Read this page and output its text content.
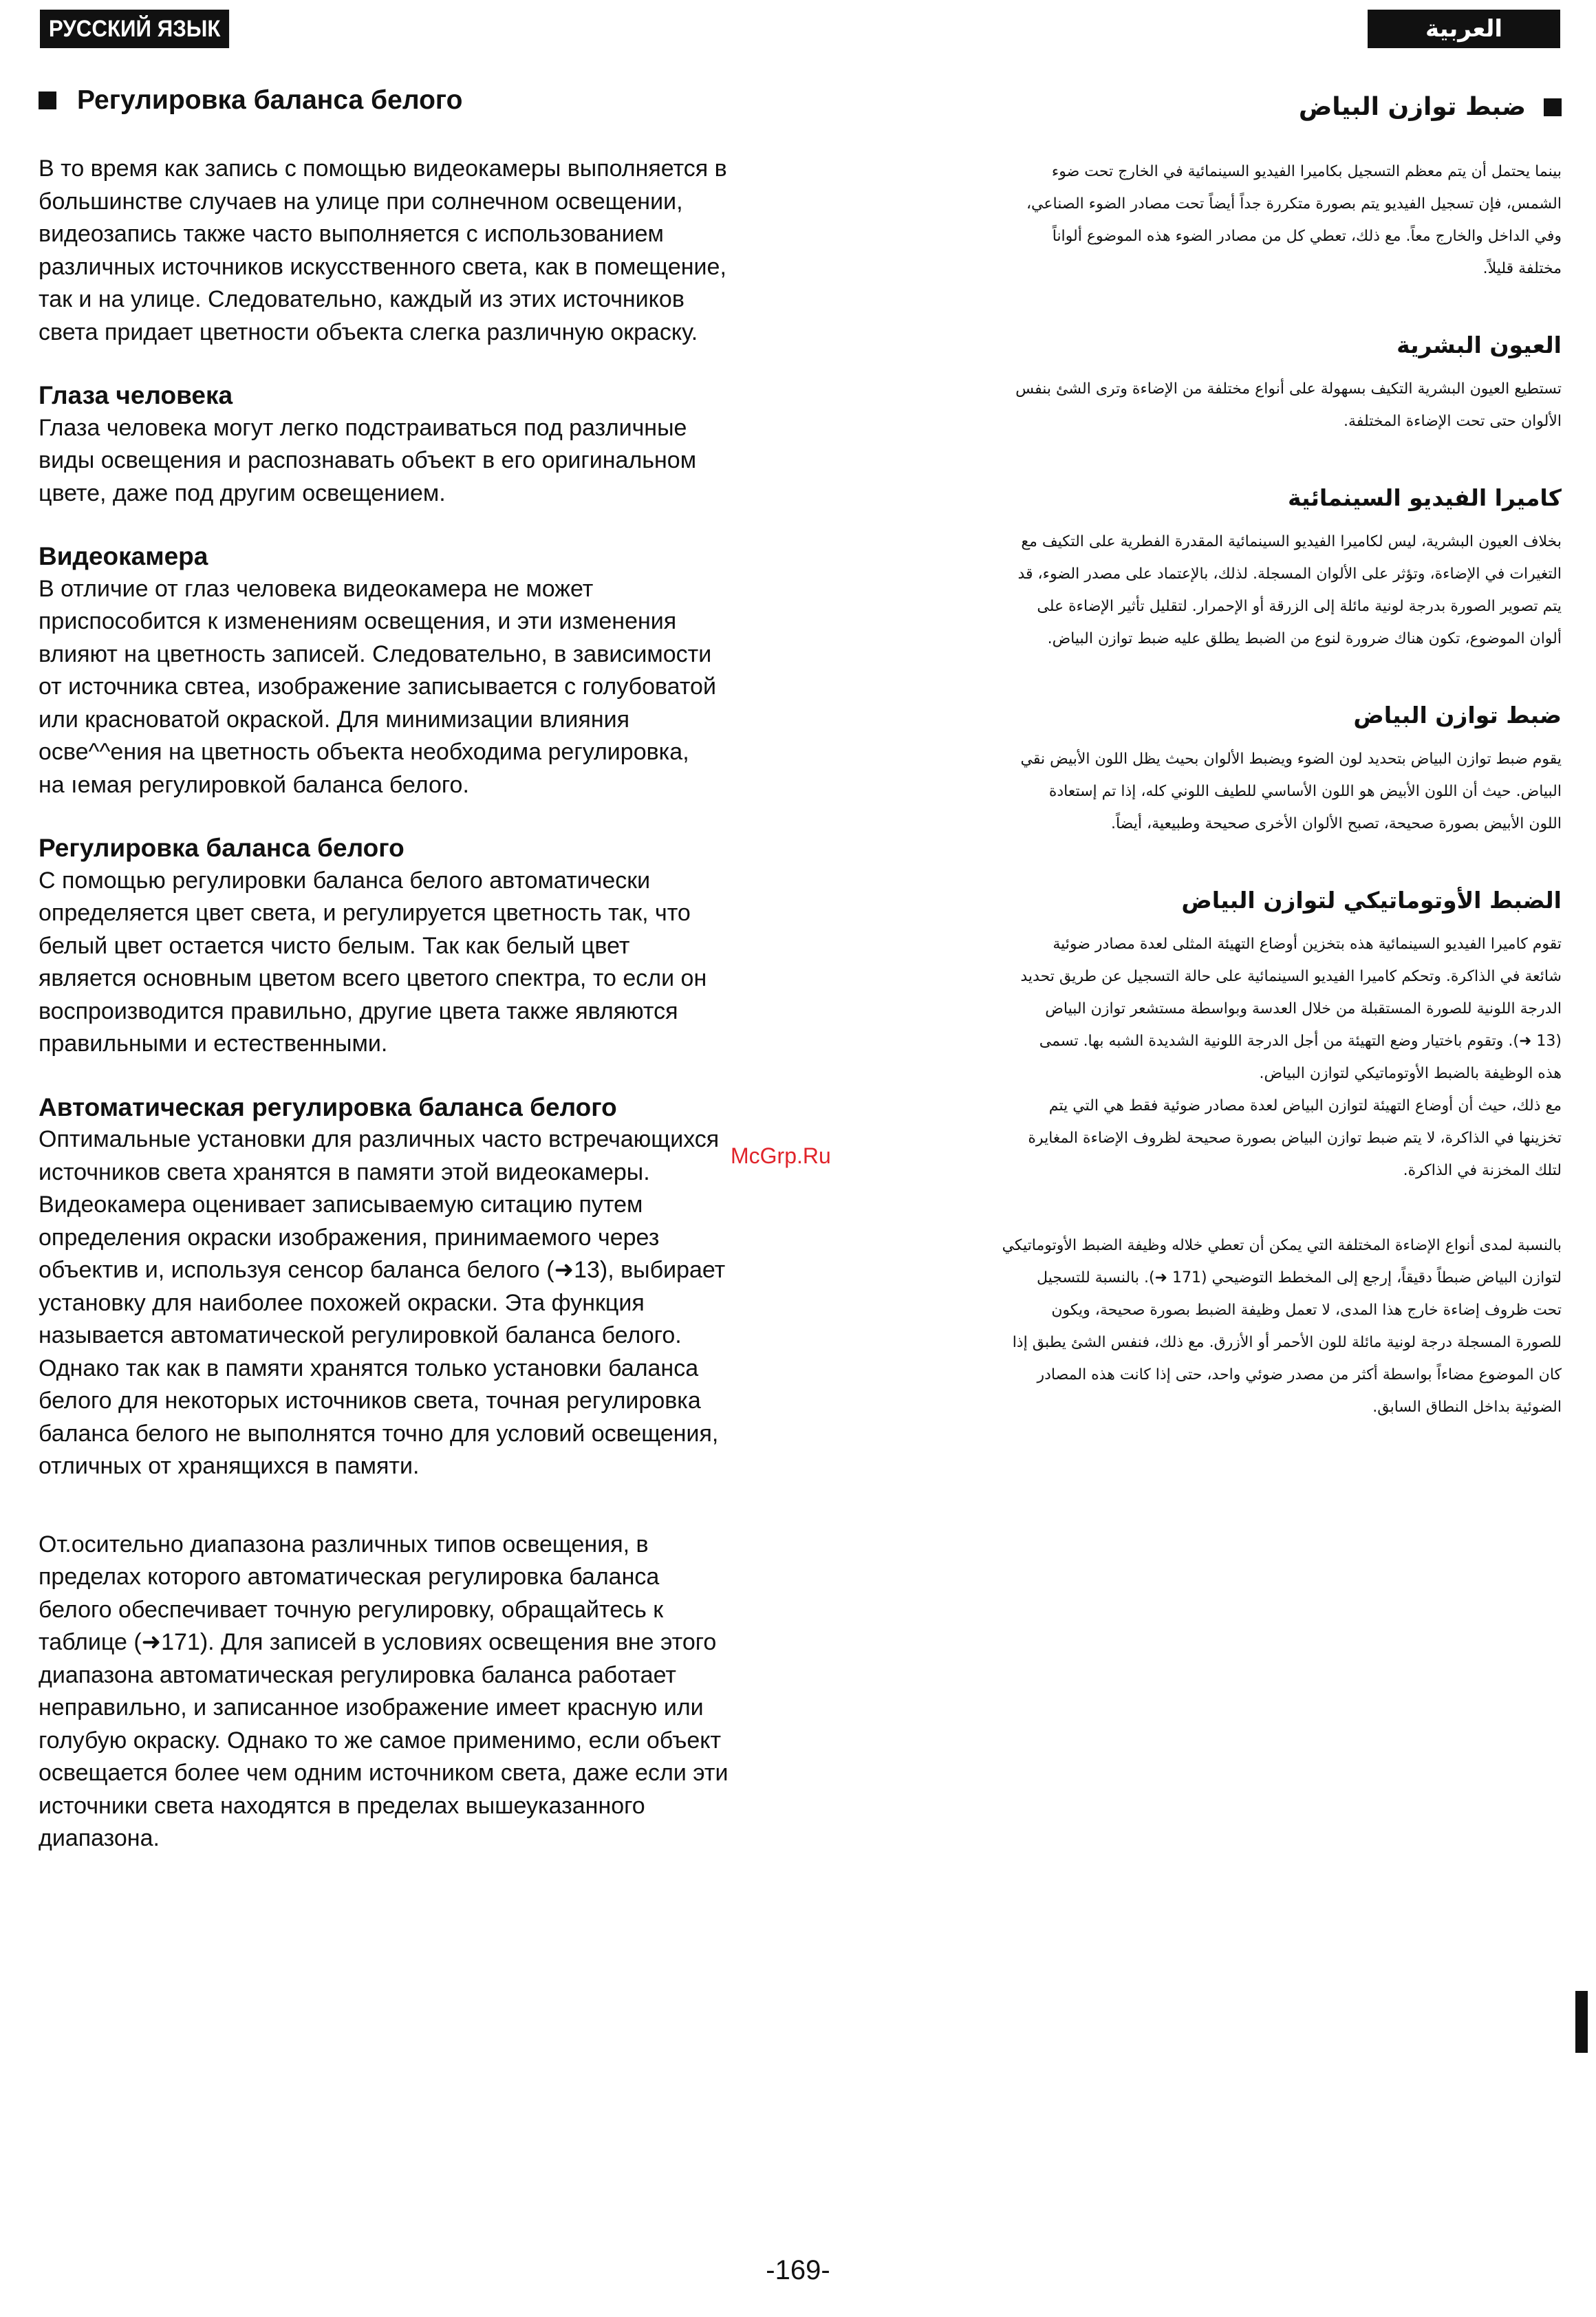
РУССКИЙ ЯЗЫК	العربية
Регулировка баланса белого

В то время как запись с помощью видеокамеры выполняется в

большинстве случаев на улице при солнечном освещении,

видеозапись также часто выполняется с использованием

различных источников искусственного света, как в помещение,

так и на улице. Следовательно, каждый из этих источников

света придает цветности объекта слегка различную окраску.

Глаза человека

Глаза человека могут легко подстраиваться под различные

виды освещения и распознавать объект в его оригинальном

цвете, даже под другим освещением.

Видеокамера

В отличие от глаз человека видеокамера не может

приспособится к изменениям освещения, и эти изменения

влияют на цветность записей. Следовательно, в зависимости

от источника свтеа, изображение записывается с голубоватой

или красноватой окраской. Для минимизации влияния

осве^^ения на цветность объекта необходима регулировка,

на ıемая регулировкой баланса белого.

Регулировка баланса белого

С помощью регулировки баланса белого автоматически

определяется цвет света, и регулируется цветность так, что

белый цвет остается чисто белым. Так как белый цвет

является основным цветом всего цветого спектра, то если он

воспроизводится правильно, другие цвета также являются

правильными и естественными.

Автоматическая регулировка баланса белого

Оптимальные установки для различных часто встречающихся

источников света хранятся в памяти этой видеокамеры.

Видеокамера оценивает записываемую ситацию путем

определения окраски изображения, принимаемого через

объектив и, используя сенсор баланса белого (➜13), выбирает

установку для наиболее похожей окраски. Эта функция

называется автоматической регулировкой баланса белого.

Однако так как в памяти хранятся только установки баланса

белого для некоторых источников света, точная регулировка

баланса белого не выполнятся точно для условий освещения,

отличных от хранящихся в памяти.

От.осительно диапазона различных типов освещения, в

пределах которого автоматическая регулировка баланса

белого обеспечивает точную регулировку, обращайтесь к

таблице (➜171). Для записей в условиях освещения вне этого

диапазона автоматическая регулировка баланса работает

неправильно, и записанное изображение имеет красную или

голубую окраску. Однако то же самое применимо, если объект

освещается более чем одним источником света, даже если эти

источники света находятся в пределах вышеуказанного

диапазона.

ضبط توازن البياض

بينما يحتمل أن يتم معظم التسجيل بكاميرا الفيديو السينمائية في الخارج تحت ضوء

الشمس، فإن تسجيل الفيديو يتم بصورة متكررة جداً أيضاً تحت مصادر الضوء الصناعي،

وفي الداخل والخارج معاً. مع ذلك، تعطي كل من مصادر الضوء هذه الموضوع ألواناً

مختلفة قليلاً.

العيون البشرية

تستطيع العيون البشرية التكيف بسهولة على أنواع مختلفة من الإضاءة وترى الشئ بنفس

الألوان حتى تحت الإضاءة المختلفة.

كاميرا الفيديو السينمائية

بخلاف العيون البشرية، ليس لكاميرا الفيديو السينمائية المقدرة الفطرية على التكيف مع

التغيرات في الإضاءة، وتؤثر على الألوان المسجلة. لذلك، بالإعتماد على مصدر الضوء، قد

يتم تصوير الصورة بدرجة لونية مائلة إلى الزرقة أو الإحمرار. لتقليل تأثير الإضاءة على

ألوان الموضوع، تكون هناك ضرورة لنوع من الضبط يطلق عليه ضبط توازن البياض.

ضبط توازن البياض

يقوم ضبط توازن البياض بتحديد لون الضوء ويضبط الألوان بحيث يظل اللون الأبيض نقي

البياض. حيث أن اللون الأبيض هو اللون الأساسي للطيف اللوني كله، إذا تم إستعادة

اللون الأبيض بصورة صحيحة، تصبح الألوان الأخرى صحيحة وطبيعية، أيضاً.

الضبط الأوتوماتيكي لتوازن البياض

تقوم كاميرا الفيديو السينمائية هذه بتخزين أوضاع التهيئة المثلى لعدة مصادر ضوئية

شائعة في الذاكرة. وتحكم كاميرا الفيديو السينمائية على حالة التسجيل عن طريق تحديد

الدرجة اللونية للصورة المستقبلة من خلال العدسة وبواسطة مستشعر توازن البياض

(13 ➜). وتقوم باختيار وضع التهيئة من أجل الدرجة اللونية الشديدة الشبه بها. تسمى

هذه الوظيفة بالضبط الأوتوماتيكي لتوازن البياض.

مع ذلك، حيث أن أوضاع التهيئة لتوازن البياض لعدة مصادر ضوئية فقط هي التي يتم

تخزينها في الذاكرة، لا يتم ضبط توازن البياض بصورة صحيحة لظروف الإضاءة المغايرة

لتلك المخزنة في الذاكرة.

بالنسبة لمدى أنواع الإضاءة المختلفة التي يمكن أن تعطي خلاله وظيفة الضبط الأوتوماتيكي

لتوازن البياض ضبطاً دقيقاً، إرجع إلى المخطط التوضيحي (171 ➜). بالنسبة للتسجيل

تحت ظروف إضاءة خارج هذا المدى، لا تعمل وظيفة الضبط بصورة صحيحة، ويكون

للصورة المسجلة درجة لونية مائلة للون الأحمر أو الأزرق. مع ذلك، فنفس الشئ يطبق إذا

كان الموضوع مضاءاً بواسطة أكثر من مصدر ضوئي واحد، حتى إذا كانت هذه المصادر

الضوئية بداخل النطاق السابق.

McGrp.Ru
-169-
